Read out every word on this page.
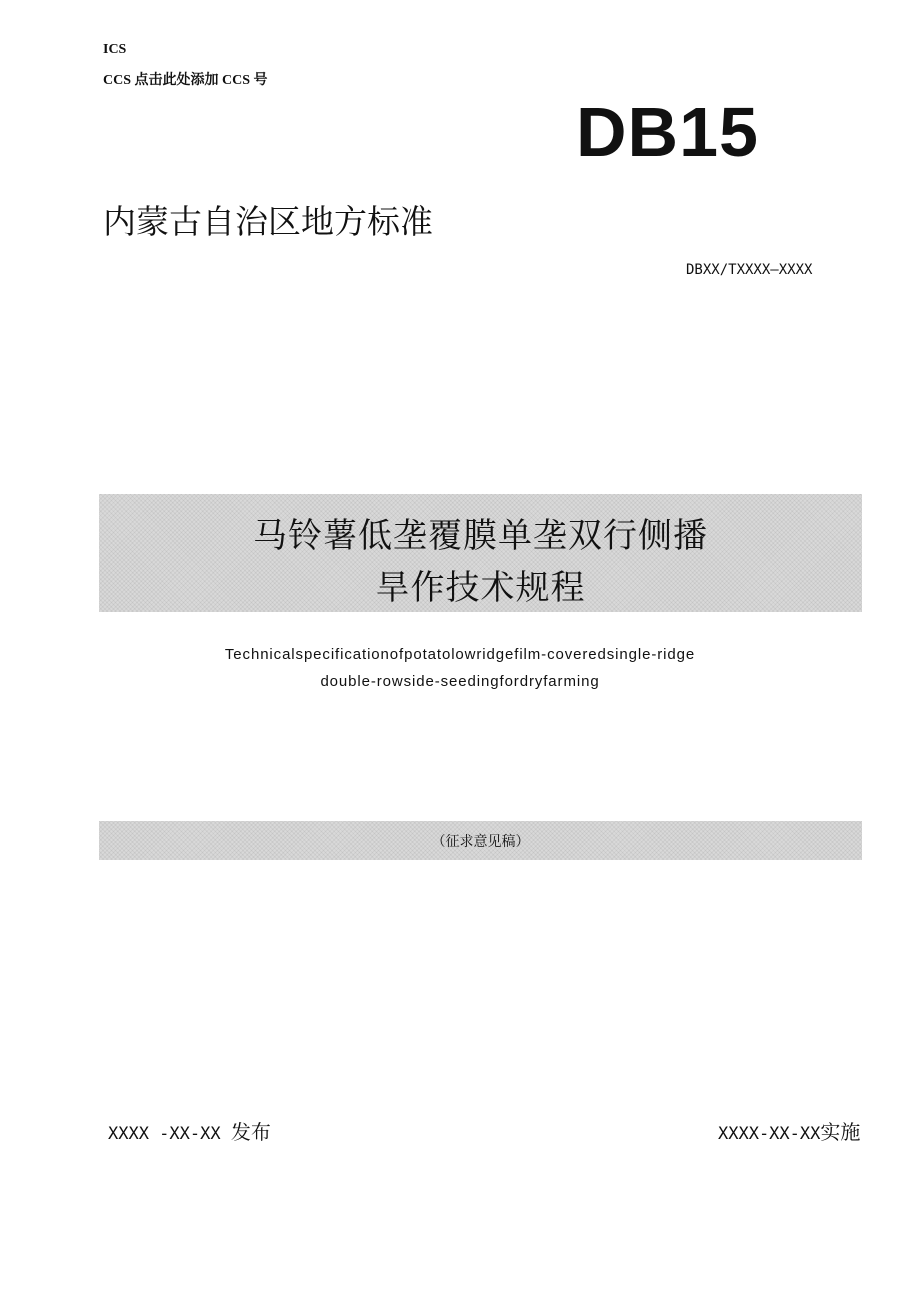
ICS
CCS 点击此处添加 CCS 号
DB15
内蒙古自治区地方标准
DBXX/TXXXX—XXXX
马铃薯低垄覆膜单垄双行侧播
旱作技术规程
Technicalspecificationofpotatolowridgefilm-coveredsingle-ridge
double-rowside-seedingfordryfarming
（征求意见稿）
XXXX -XX-XX 发布	XXXX-XX-XX实施
